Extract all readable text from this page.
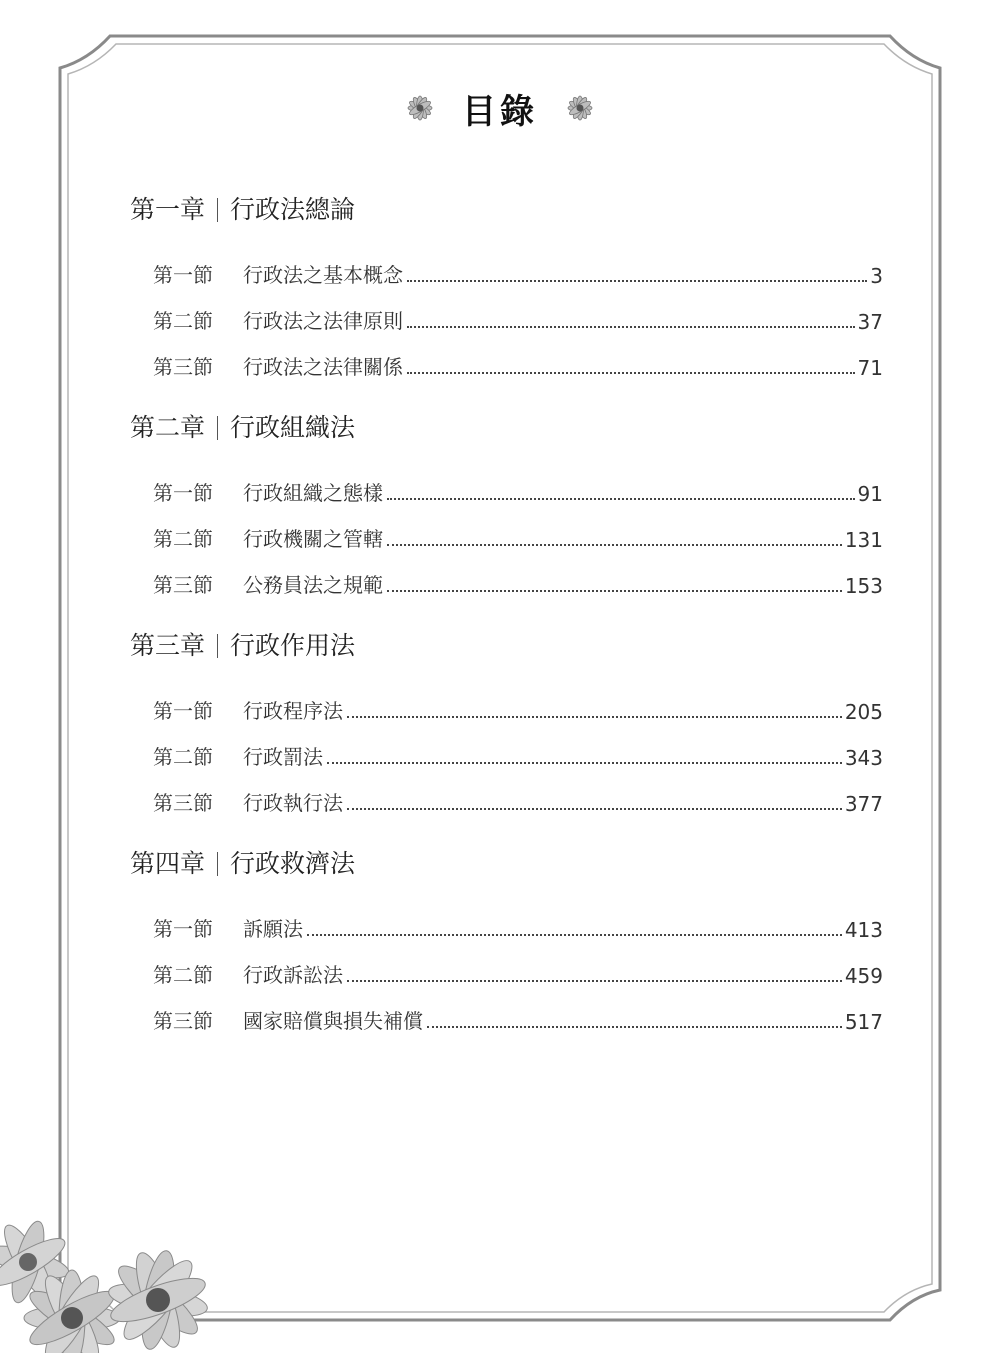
目錄
第一章 行政法總論
第一節	行政法之基本概念	3
第二節	行政法之法律原則	37
第三節	行政法之法律關係	71
第二章 行政組織法
第一節	行政組織之態樣	91
第二節	行政機關之管轄	131
第三節	公務員法之規範	153
第三章 行政作用法
第一節	行政程序法	205
第二節	行政罰法	343
第三節	行政執行法	377
第四章 行政救濟法
第一節	訴願法	413
第二節	行政訴訟法	459
第三節	國家賠償與損失補償	517
